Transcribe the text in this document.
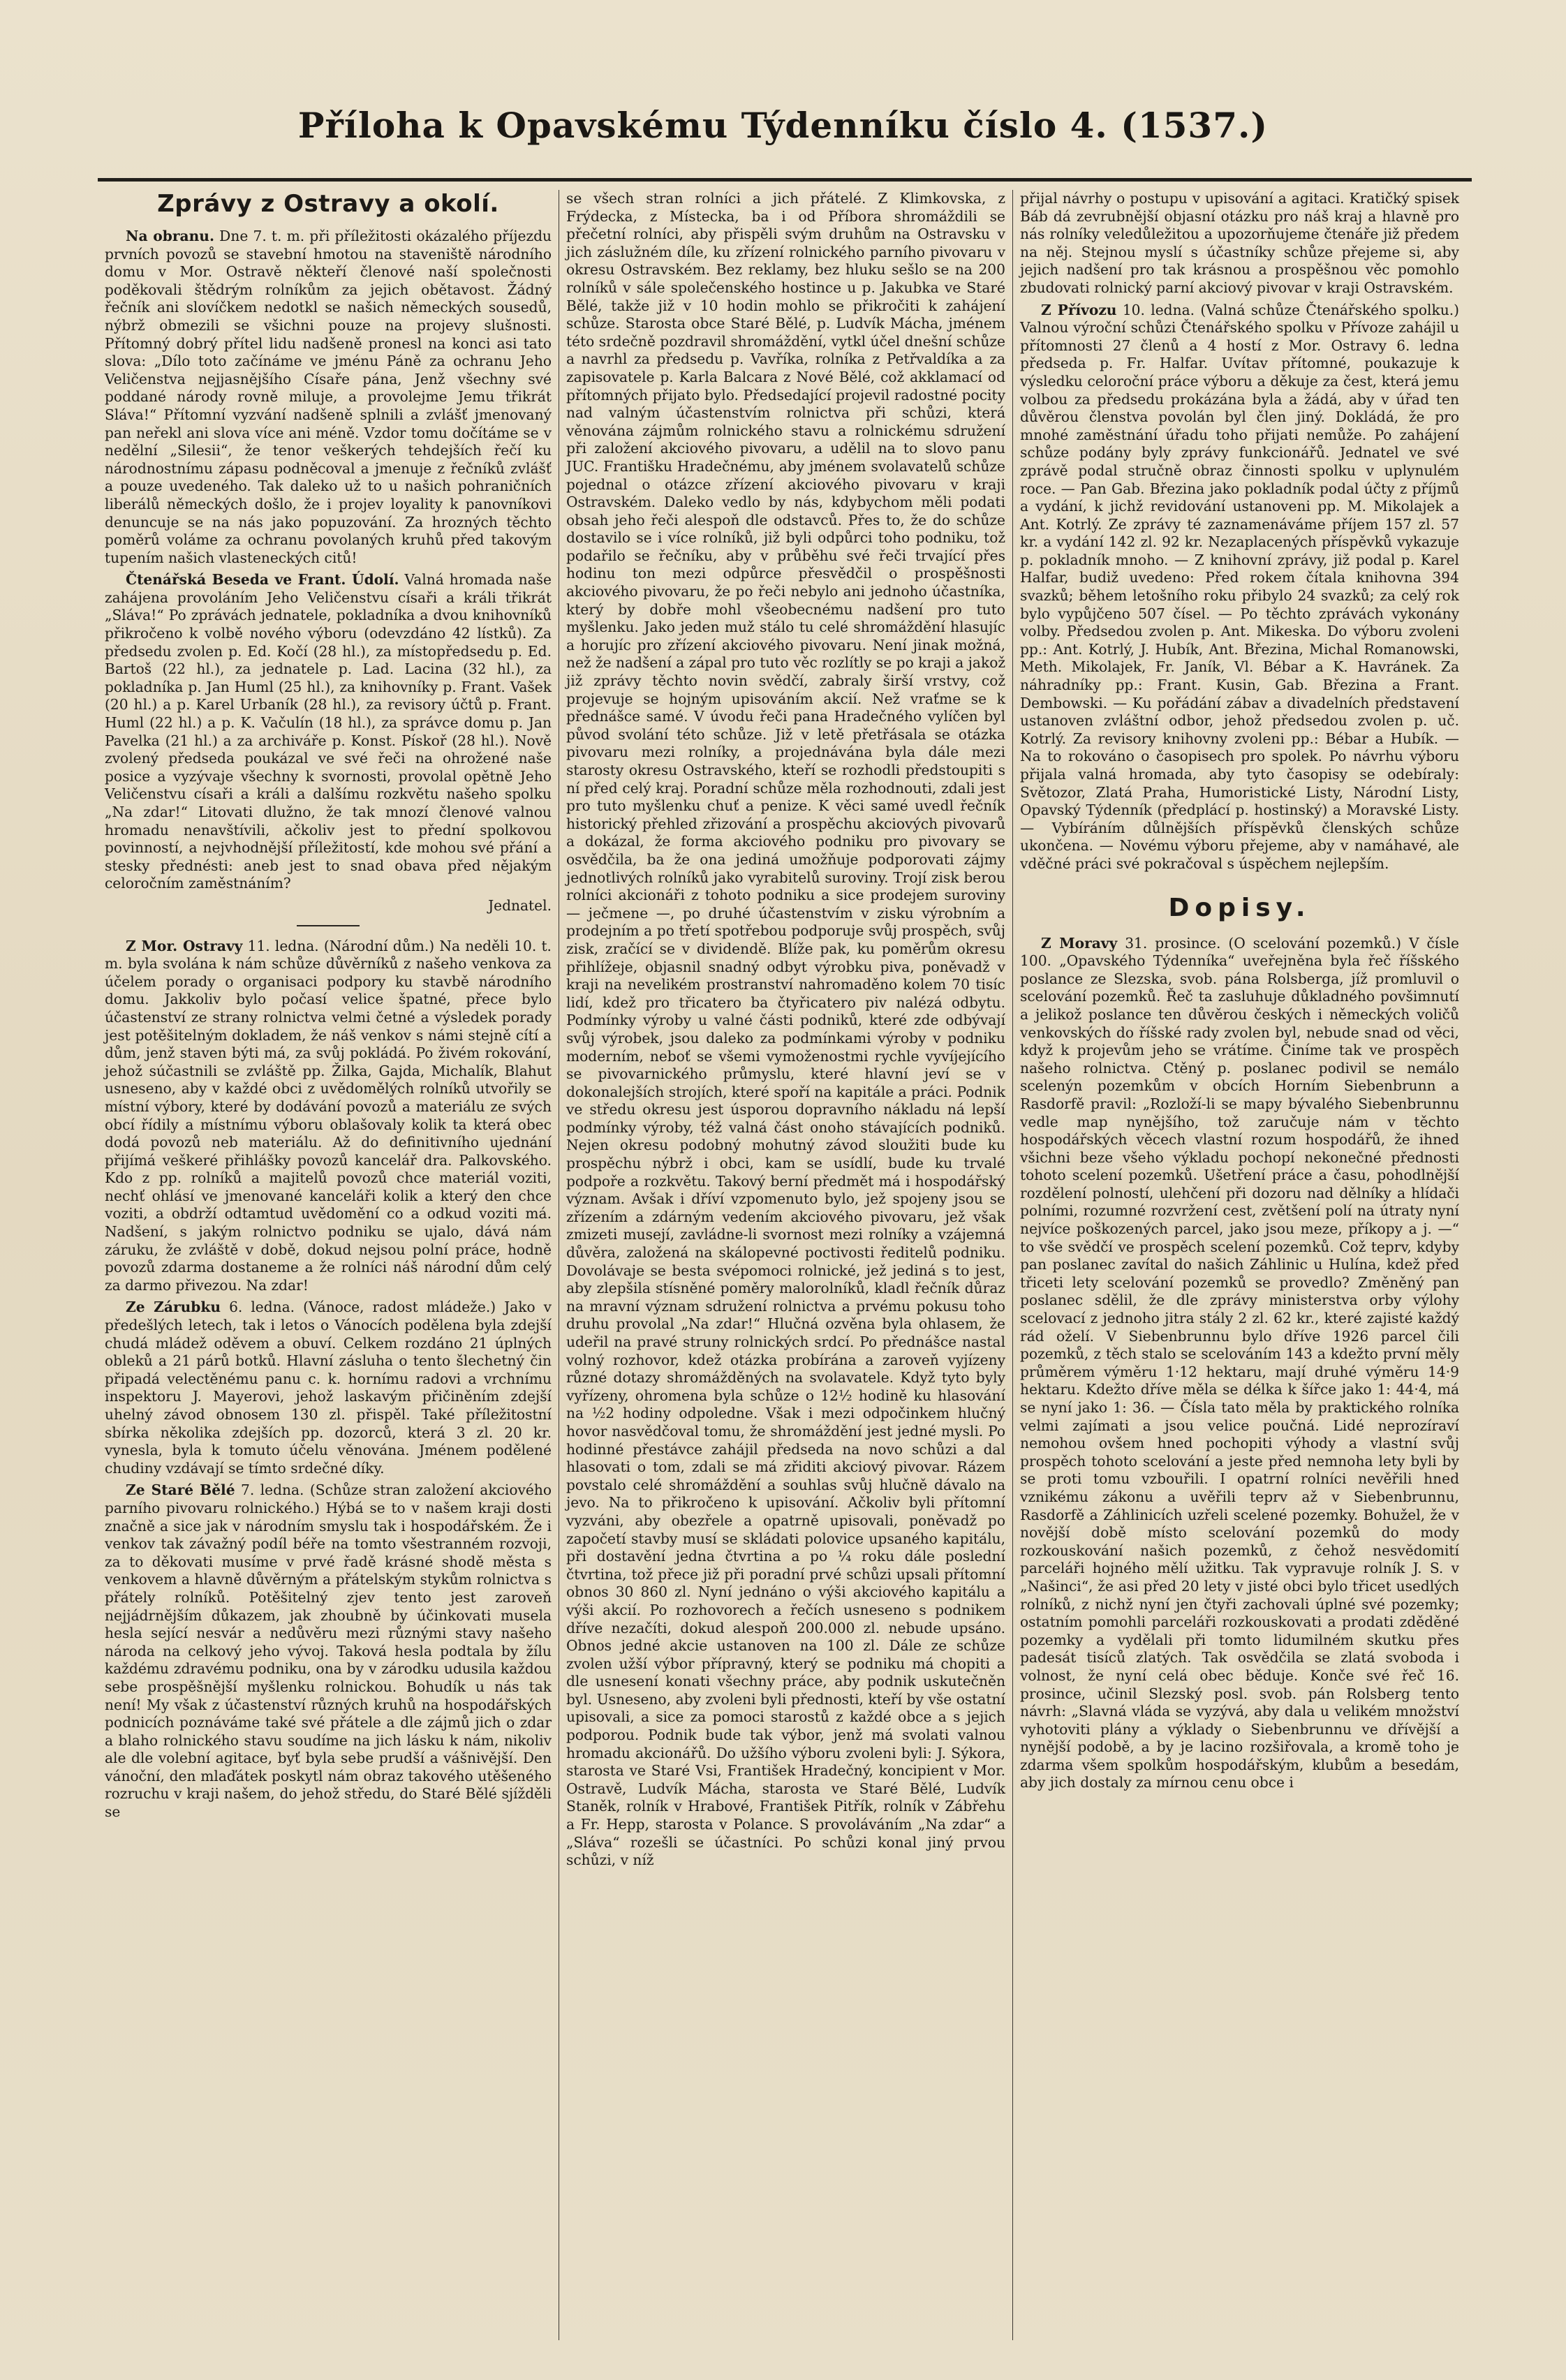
Příloha k Opavskému Týdenníku číslo 4. (1537.)
Zprávy z Ostravy a okolí.

Na obranu. Dne 7. t. m. při příležitosti okázalého příjezdu prvních povozů se stavební hmotou na staveniště národního domu v Mor. Ostravě někteří členové naší společnosti poděkovali štědrým rolníkům za jejich obětavost. Žádný řečník ani slovíčkem nedotkl se našich německých sousedů, nýbrž obmezili se všichni pouze na projevy slušnosti. Přítomný dobrý přítel lidu nadšeně pronesl na konci asi tato slova: „Dílo toto začínáme ve jménu Páně za ochranu Jeho Veličenstva nejjasnějšího Císaře pána, Jenž všechny své poddané národy rovně miluje, a provolejme Jemu třikrát Sláva!“ Přítomní vyzvání nadšeně splnili a zvlášť jmenovaný pan neřekl ani slova více ani méně. Vzdor tomu dočítáme se v nedělní „Silesii“, že tenor veškerých tehdejších řečí ku národnostnímu zápasu podněcoval a jmenuje z řečníků zvlášť a pouze uvedeného. Tak daleko už to u našich pohraničních liberálů německých došlo, že i projev loyality k panovníkovi denuncuje se na nás jako popuzování. Za hrozných těchto poměrů voláme za ochranu povolaných kruhů před takovým tupením našich vlasteneckých citů!

Čtenářská Beseda ve Frant. Údolí. Valná hromada naše zahájena provoláním Jeho Veličenstvu císaři a králi třikrát „Sláva!“ Po zprávách jednatele, pokladníka a dvou knihovníků přikročeno k volbě nového výboru (odevzdáno 42 lístků). Za předsedu zvolen p. Ed. Kočí (28 hl.), za místopředsedu p. Ed. Bartoš (22 hl.), za jednatele p. Lad. Lacina (32 hl.), za pokladníka p. Jan Huml (25 hl.), za knihovníky p. Frant. Vašek (20 hl.) a p. Karel Urbaník (28 hl.), za revisory účtů p. Frant. Huml (22 hl.) a p. K. Vačulín (18 hl.), za správce domu p. Jan Pavelka (21 hl.) a za archiváře p. Konst. Pískoř (28 hl.). Nově zvolený předseda poukázal ve své řeči na ohrožené naše posice a vyzývaje všechny k svornosti, provolal opětně Jeho Veličenstvu císaři a králi a dalšímu rozkvětu našeho spolku „Na zdar!“ Litovati dlužno, že tak mnozí členové valnou hromadu nenavštívili, ačkoliv jest to přední spolkovou povinností, a nejvhodnější příležitostí, kde mohou své přání a stesky přednésti: aneb jest to snad obava před nějakým celoročním zaměstnáním?

Jednatel.

Z Mor. Ostravy 11. ledna. (Národní dům.) Na neděli 10. t. m. byla svolána k nám schůze důvěrníků z našeho venkova za účelem porady o organisaci podpory ku stavbě národního domu. Jakkoliv bylo počasí velice špatné, přece bylo účastenství ze strany rolnictva velmi četné a výsledek porady jest potěšitelným dokladem, že náš venkov s námi stejně cítí a dům, jenž staven býti má, za svůj pokládá. Po živém rokování, jehož súčastnili se zvláště pp. Žilka, Gajda, Michalík, Blahut usneseno, aby v každé obci z uvědomělých rolníků utvořily se místní výbory, které by dodávání povozů a materiálu ze svých obcí řídily a místnímu výboru oblašovaly kolik ta která obec dodá povozů neb materiálu. Až do definitivního ujednání přijímá veškeré přihlášky povozů kancelář dra. Palkovského. Kdo z pp. rolníků a majitelů povozů chce materiál voziti, nechť ohlásí ve jmenované kanceláři kolik a který den chce voziti, a obdrží odtamtud uvědomění co a odkud voziti má. Nadšení, s jakým rolnictvo podniku se ujalo, dává nám záruku, že zvláště v době, dokud nejsou polní práce, hodně povozů zdarma dostaneme a že rolníci náš národní dům celý za darmo přivezou. Na zdar!

Ze Zárubku 6. ledna. (Vánoce, radost mládeže.) Jako v předešlých letech, tak i letos o Vánocích podělena byla zdejší chudá mládež oděvem a obuví. Celkem rozdáno 21 úplných obleků a 21 párů botků. Hlavní zásluha o tento šlechetný čin připadá velectěnému panu c. k. hornímu radovi a vrchnímu inspektoru J. Mayerovi, jehož laskavým přičiněním zdejší uhelný závod obnosem 130 zl. přispěl. Také příležitostní sbírka několika zdejších pp. dozorců, která 3 zl. 20 kr. vynesla, byla k tomuto účelu věnována. Jménem podělené chudiny vzdávají se tímto srdečné díky.

Ze Staré Bělé 7. ledna. (Schůze stran založení akciového parního pivovaru rolnického.) Hýbá se to v našem kraji dosti značně a sice jak v národním smyslu tak i hospodářském. Že i venkov tak závažný podíl béře na tomto všestranném rozvoji, za to děkovati musíme v prvé řadě krásné shodě města s venkovem a hlavně důvěrným a přátelským stykům rolnictva s přátely rolníků. Potěšitelný zjev tento jest zaroveň nejjádrnějším důkazem, jak zhoubně by účinkovati musela hesla sející nesvár a nedůvěru mezi různými stavy našeho národa na celkový jeho vývoj. Taková hesla podtala by žílu každému zdravému podniku, ona by v zárodku udusila každou sebe prospěšnější myšlenku rolnickou. Bohudík u nás tak není! My však z účastenství různých kruhů na hospodářských podnicích poznáváme také své přátele a dle zájmů jich o zdar a blaho rolnického stavu soudíme na jich lásku k nám, nikoliv ale dle volební agitace, byť byla sebe prudší a vášnivější. Den vánoční, den mlaďátek poskytl nám obraz takového utěšeného rozruchu v kraji našem, do jehož středu, do Staré Bělé sjížděli se

se všech stran rolníci a jich přátelé. Z Klimkovska, z Frýdecka, z Místecka, ba i od Příbora shromáždili se přečetní rolníci, aby přispěli svým druhům na Ostravsku v jich záslužném díle, ku zřízení rolnického parního pivovaru v okresu Ostravském. Bez reklamy, bez hluku sešlo se na 200 rolníků v sále společenského hostince u p. Jakubka ve Staré Bělé, takže již v 10 hodin mohlo se přikročiti k zahájení schůze. Starosta obce Staré Bělé, p. Ludvík Mácha, jménem této srdečně pozdravil shromáždění, vytkl účel dnešní schůze a navrhl za předsedu p. Vavříka, rolníka z Petřvaldíka a za zapisovatele p. Karla Balcara z Nové Bělé, což akklamací od přítomných přijato bylo. Předsedající projevil radostné pocity nad valným účastenstvím rolnictva při schůzi, která věnována zájmům rolnického stavu a rolnickému sdružení při založení akciového pivovaru, a udělil na to slovo panu JUC. Františku Hradečnému, aby jménem svolavatelů schůze pojednal o otázce zřízení akciového pivovaru v kraji Ostravském. Daleko vedlo by nás, kdybychom měli podati obsah jeho řeči alespoň dle odstavců. Přes to, že do schůze dostavilo se i více rolníků, již byli odpůrci toho podniku, tož podařilo se řečníku, aby v průběhu své řeči trvající přes hodinu ton mezi odpůrce přesvědčil o prospěšnosti akciového pivovaru, že po řeči nebylo ani jednoho účastníka, který by dobře mohl všeobecnému nadšení pro tuto myšlenku. Jako jeden muž stálo tu celé shromáždění hlasujíc a horujíc pro zřízení akciového pivovaru. Není jinak možná, než že nadšení a zápal pro tuto věc rozlítly se po kraji a jakož již zprávy těchto novin svědčí, zabraly širší vrstvy, což projevuje se hojným upisováním akcií. Než vraťme se k přednášce samé. V úvodu řeči pana Hradečného vylíčen byl původ svolání této schůze. Již v letě přetřásala se otázka pivovaru mezi rolníky, a projednávána byla dále mezi starosty okresu Ostravského, kteří se rozhodli předstoupiti s ní před celý kraj. Poradní schůze měla rozhodnouti, zdali jest pro tuto myšlenku chuť a penize. K věci samé uvedl řečník historický přehled zřizování a prospěchu akciových pivovarů a dokázal, že forma akciového podniku pro pivovary se osvědčila, ba že ona jediná umožňuje podporovati zájmy jednotlivých rolníků jako vyrabitelů suroviny. Trojí zisk berou rolníci akcionáři z tohoto podniku a sice prodejem suroviny — ječmene —, po druhé účastenstvím v zisku výrobním a prodejním a po třetí spotřebou podporuje svůj prospěch, svůj zisk, zračící se v dividendě. Blíže pak, ku poměrům okresu přihlížeje, objasnil snadný odbyt výrobku piva, poněvadž v kraji na nevelikém prostranství nahromaděno kolem 70 tisíc lidí, kdež pro třicatero ba čtyřicatero piv nalézá odbytu. Podmínky výroby u valné části podniků, které zde odbývají svůj výrobek, jsou daleko za podmínkami výroby v podniku moderním, neboť se všemi vymoženostmi rychle vyvíjejícího se pivovarnického průmyslu, které hlavní jeví se v dokonalejších strojích, které spoří na kapitále a práci. Podnik ve středu okresu jest úsporou dopravního nákladu ná lepší podmínky výroby, též valná část onoho stávajících podniků. Nejen okresu podobný mohutný závod sloužiti bude ku prospěchu nýbrž i obci, kam se usídlí, bude ku trvalé podpoře a rozkvětu. Takový berní předmět má i hospodářský význam. Avšak i dříví vzpomenuto bylo, jež spojeny jsou se zřízením a zdárným vedením akciového pivovaru, jež však zmizeti musejí, zavládne-li svornost mezi rolníky a vzájemná důvěra, založená na skálopevné poctivosti ředitelů podniku. Dovolávaje se besta svépomoci rolnické, jež jediná s to jest, aby zlepšila stísněné poměry malorolníků, kladl řečník důraz na mravní význam sdružení rolnictva a prvému pokusu toho druhu provolal „Na zdar!“ Hlučná ozvěna byla ohlasem, že udeřil na pravé struny rolnických srdcí. Po přednášce nastal volný rozhovor, kdež otázka probírána a zaroveň vyjízeny různé dotazy shromážděných na svolavatele. Když tyto byly vyřízeny, ohromena byla schůze o 12½ hodině ku hlasování na ½2 hodiny odpoledne. Však i mezi odpočinkem hlučný hovor nasvědčoval tomu, že shromáždění jest jedné mysli. Po hodinné přestávce zahájil předseda na novo schůzi a dal hlasovati o tom, zdali se má zřiditi akciový pivovar. Rázem povstalo celé shromáždění a souhlas svůj hlučně dávalo na jevo. Na to přikročeno k upisování. Ačkoliv byli přítomní vyzváni, aby obezřele a opatrně upisovali, poněvadž po započetí stavby musí se skládati polovice upsaného kapitálu, při dostavění jedna čtvrtina a po ¼ roku dále poslední čtvrtina, tož přece již při poradní prvé schůzi upsali přítomní obnos 30 860 zl. Nyní jednáno o výši akciového kapitálu a výši akcií. Po rozhovorech a řečích usneseno s podnikem dříve nezačíti, dokud alespoň 200.000 zl. nebude upsáno. Obnos jedné akcie ustanoven na 100 zl. Dále ze schůze zvolen užší výbor přípravný, který se podniku má chopiti a dle usnesení konati všechny práce, aby podnik uskutečněn byl. Usneseno, aby zvoleni byli přednosti, kteří by vše ostatní upisovali, a sice za pomoci starostů z každé obce a s jejich podporou. Podnik bude tak výbor, jenž má svolati valnou hromadu akcionářů. Do užšího výboru zvoleni byli: J. Sýkora, starosta ve Staré Vsi, František Hradečný, koncipient v Mor. Ostravě, Ludvík Mácha, starosta ve Staré Bělé, Ludvík Staněk, rolník v Hrabové, František Pitřík, rolník v Zábřehu a Fr. Hepp, starosta v Polance. S provoláváním „Na zdar“ a „Sláva“ rozešli se účastníci. Po schůzi konal jiný prvou schůzi, v níž

přijal návrhy o postupu v upisování a agitaci. Kratičký spisek Báb dá zevrubnější objasní otázku pro náš kraj a hlavně pro nás rolníky veledůležitou a upozorňujeme čtenáře již předem na něj. Stejnou myslí s účastníky schůze přejeme si, aby jejich nadšení pro tak krásnou a prospěšnou věc pomohlo zbudovati rolnický parní akciový pivovar v kraji Ostravském.

Z Přívozu 10. ledna. (Valná schůze Čtenářského spolku.) Valnou výroční schůzi Čtenářského spolku v Přívoze zahájil u přítomnosti 27 členů a 4 hostí z Mor. Ostravy 6. ledna předseda p. Fr. Halfar. Uvítav přítomné, poukazuje k výsledku celoroční práce výboru a děkuje za čest, která jemu volbou za předsedu prokázána byla a žádá, aby v úřad ten důvěrou členstva povolán byl člen jiný. Dokládá, že pro mnohé zaměstnání úřadu toho přijati nemůže. Po zahájení schůze podány byly zprávy funkcionářů. Jednatel ve své zprávě podal stručně obraz činnosti spolku v uplynulém roce. — Pan Gab. Březina jako pokladník podal účty z příjmů a vydání, k jichž revidování ustanoveni pp. M. Mikolajek a Ant. Kotrlý. Ze zprávy té zaznamenáváme příjem 157 zl. 57 kr. a vydání 142 zl. 92 kr. Nezaplacených příspěvků vykazuje p. pokladník mnoho. — Z knihovní zprávy, již podal p. Karel Halfar, budiž uvedeno: Před rokem čítala knihovna 394 svazků; během letošního roku přibylo 24 svazků; za celý rok bylo vypůjčeno 507 čísel. — Po těchto zprávách vykonány volby. Předsedou zvolen p. Ant. Mikeska. Do výboru zvoleni pp.: Ant. Kotrlý, J. Hubík, Ant. Březina, Michal Romanowski, Meth. Mikolajek, Fr. Janík, Vl. Bébar a K. Havránek. Za náhradníky pp.: Frant. Kusin, Gab. Březina a Frant. Dembowski. — Ku pořádání zábav a divadelních představení ustanoven zvláštní odbor, jehož předsedou zvolen p. uč. Kotrlý. Za revisory knihovny zvoleni pp.: Bébar a Hubík. — Na to rokováno o časopisech pro spolek. Po návrhu výboru přijala valná hromada, aby tyto časopisy se odebíraly: Světozor, Zlatá Praha, Humoristické Listy, Národní Listy, Opavský Týdenník (předplácí p. hostinský) a Moravské Listy. — Vybíráním důlnějších příspěvků členských schůze ukončena. — Novému výboru přejeme, aby v namáhavé, ale vděčné práci své pokračoval s úspěchem nejlepším.

Dopisy.

Z Moravy 31. prosince. (O scelování pozemků.) V čísle 100. „Opavského Týdenníka“ uveřejněna byla řeč říšského poslance ze Slezska, svob. pána Rolsberga, jíž promluvil o scelování pozemků. Řeč ta zasluhuje důkladného povšimnutí a jelikož poslance ten důvěrou českých i německých voličů venkovských do říšské rady zvolen byl, nebude snad od věci, když k projevům jeho se vrátíme. Činíme tak ve prospěch našeho rolnictva. Ctěný p. poslanec podivil se nemálo scelenýn pozemkům v obcích Horním Siebenbrunn a Rasdorfě pravil: „Rozloží-li se mapy bývalého Siebenbrunnu vedle map nynějšího, tož zaručuje nám v těchto hospodářských věcech vlastní rozum hospodářů, že ihned všichni beze všeho výkladu pochopí nekonečné přednosti tohoto scelení pozemků. Ušetření práce a času, pohodlnější rozdělení polností, ulehčení při dozoru nad dělníky a hlídači polními, rozumné rozvržení cest, zvětšení polí na útraty nyní nejvíce poškozených parcel, jako jsou meze, příkopy a j. —“ to vše svědčí ve prospěch scelení pozemků. Což teprv, kdyby pan poslanec zavítal do našich Záhlinic u Hulína, kdež před třiceti lety scelování pozemků se provedlo? Změněný pan poslanec sdělil, že dle zprávy ministerstva orby výlohy scelovací z jednoho jitra stály 2 zl. 62 kr., které zajisté každý rád oželí. V Siebenbrunnu bylo dříve 1926 parcel čili pozemků, z těch stalo se scelováním 143 a kdežto první měly průměrem výměru 1·12 hektaru, mají druhé výměru 14·9 hektaru. Kdežto dříve měla se délka k šířce jako 1: 44·4, má se nyní jako 1: 36. — Čísla tato měla by praktického rolníka velmi zajímati a jsou velice poučná. Lidé neprozíraví nemohou ovšem hned pochopiti výhody a vlastní svůj prospěch tohoto scelování a jeste před nemnoha lety byli by se proti tomu vzbouřili. I opatrní rolníci nevěřili hned vznikému zákonu a uvěřili teprv až v Siebenbrunnu, Rasdorfě a Záhlinicích uzřeli scelené pozemky. Bohužel, že v novější době místo scelování pozemků do mody rozkouskování našich pozemků, z čehož nesvědomití parceláři hojného mělí užitku. Tak vypravuje rolník J. S. v „Našinci“, že asi před 20 lety v jisté obci bylo třicet usedlých rolníků, z nichž nyní jen čtyři zachovali úplné své pozemky; ostatním pomohli parceláři rozkouskovati a prodati zděděné pozemky a vydělali při tomto lidumilném skutku přes padesát tisíců zlatých. Tak osvědčila se zlatá svoboda i volnost, že nyní celá obec běduje. Konče své řeč 16. prosince, učinil Slezský posl. svob. pán Rolsberg tento návrh: „Slavná vláda se vyzývá, aby dala u velikém množství vyhotoviti plány a výklady o Siebenbrunnu ve dřívější a nynější podobě, a by je lacino rozšiřovala, a kromě toho je zdarma všem spolkům hospodářským, klubům a besedám, aby jich dostaly za mírnou cenu obce i
